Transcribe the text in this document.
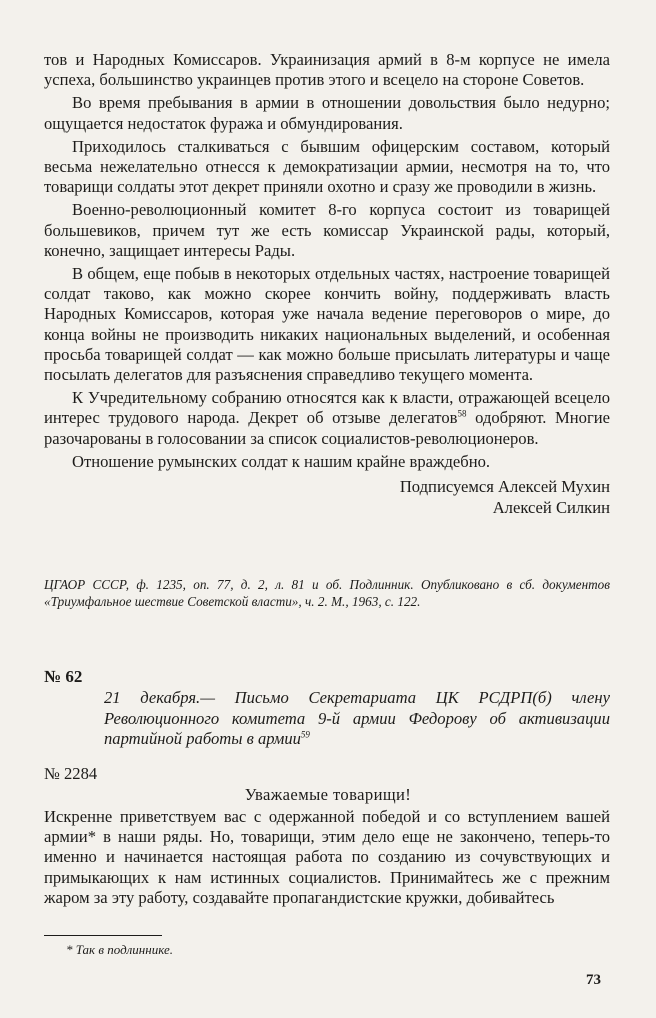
тов и Народных Комиссаров. Украинизация армий в 8-м корпусе не имела успеха, большинство украинцев против этого и всецело на стороне Советов.

Во время пребывания в армии в отношении довольствия было недурно; ощущается недостаток фуража и обмундирования.

Приходилось сталкиваться с бывшим офицерским составом, который весьма нежелательно отнесся к демократизации армии, несмотря на то, что товарищи солдаты этот декрет приняли охотно и сразу же проводили в жизнь.

Военно-революционный комитет 8-го корпуса состоит из товарищей большевиков, причем тут же есть комиссар Украинской рады, который, конечно, защищает интересы Рады.

В общем, еще побыв в некоторых отдельных частях, настроение товарищей солдат таково, как можно скорее кончить войну, поддерживать власть Народных Комиссаров, которая уже начала ведение переговоров о мире, до конца войны не производить никаких национальных выделений, и особенная просьба товарищей солдат — как можно больше присылать литературы и чаще посылать делегатов для разъяснения справедливо текущего момента.

К Учредительному собранию относятся как к власти, отражающей всецело интерес трудового народа. Декрет об отзыве делегатов$^{58}$ одобряют. Многие разочарованы в голосовании за список социалистов-революционеров.

Отношение румынских солдат к нашим крайне враждебно.

Подписуемся Алексей Мухин
Алексей Силкин
ЦГАОР СССР, ф. 1235, оп. 77, д. 2, л. 81 и об. Подлинник. Опубликовано в сб. документов «Триумфальное шествие Советской власти», ч. 2. М., 1963, с. 122.
№ 62
21 декабря.— Письмо Секретариата ЦК РСДРП(б) члену Революционного комитета 9-й армии Федорову об активизации партийной работы в армии$^{59}$
№ 2284
Уважаемые товарищи!
Искренне приветствуем вас с одержанной победой и со вступлением вашей армии* в наши ряды. Но, товарищи, этим дело еще не закончено, теперь-то именно и начинается настоящая работа по созданию из сочувствующих и примыкающих к нам истинных социалистов. Принимайтесь же с прежним жаром за эту работу, создавайте пропагандистские кружки, добивайтесь
* Так в подлиннике.
73
